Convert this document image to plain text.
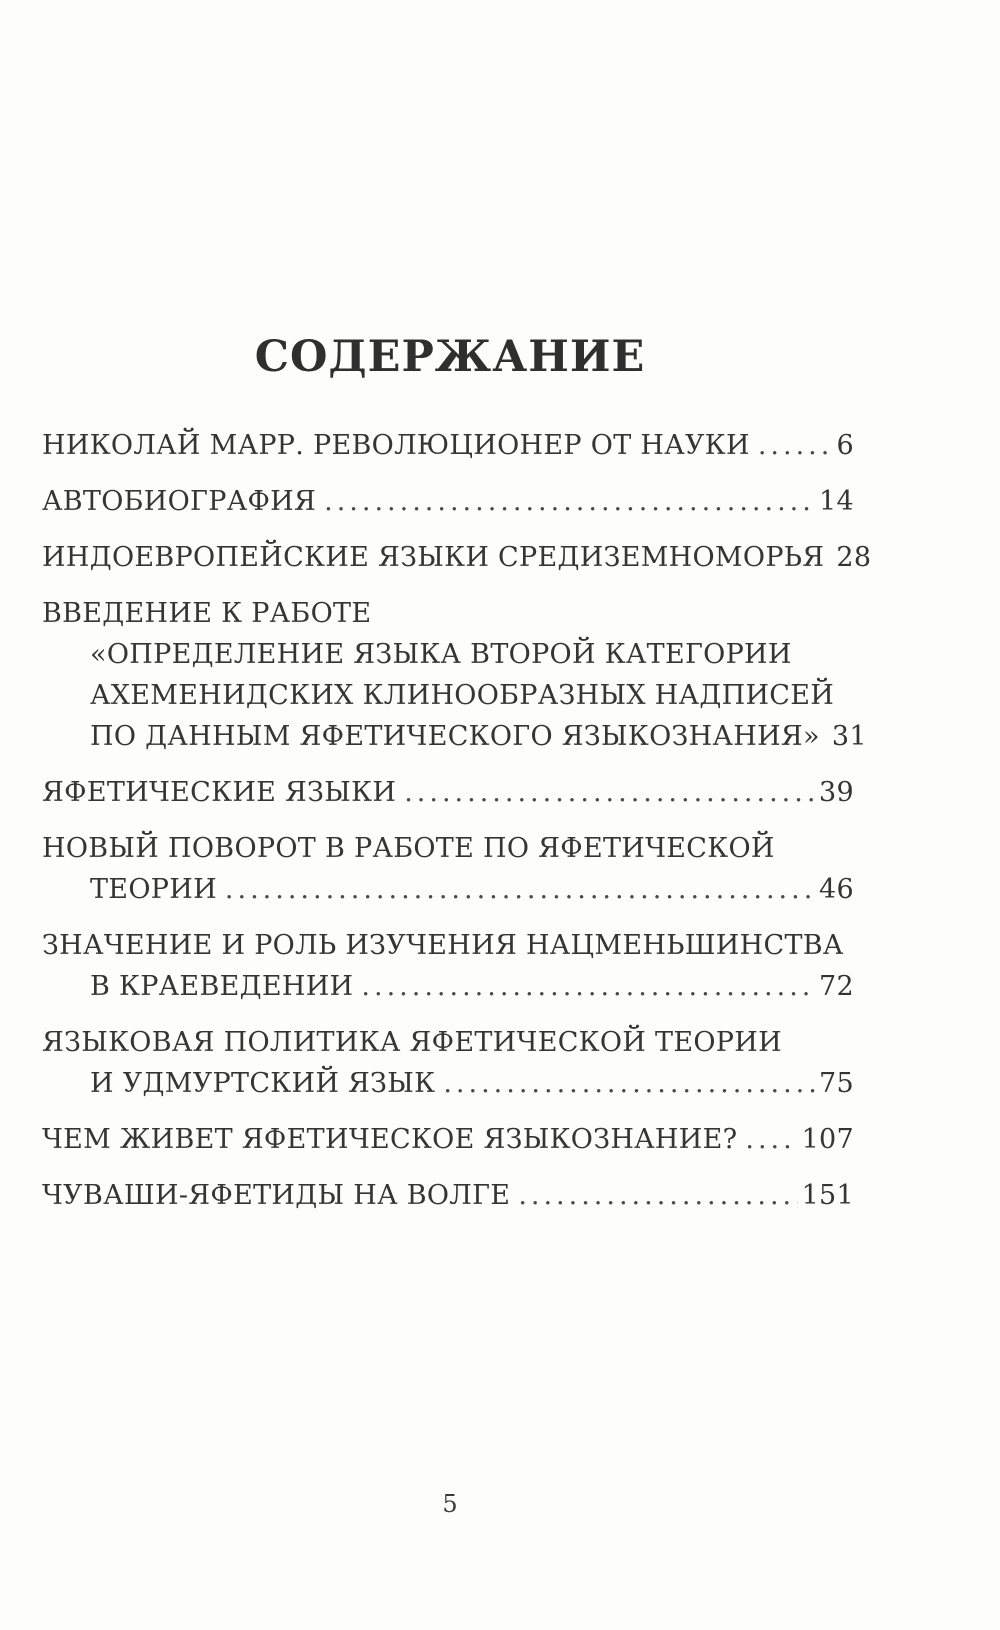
СОДЕРЖАНИЕ
НИКОЛАЙ МАРР. РЕВОЛЮЦИОНЕР ОТ НАУКИ .....	6
АВТОБИОГРАФИЯ .....	14
ИНДОЕВРОПЕЙСКИЕ ЯЗЫКИ СРЕДИЗЕМНОМОРЬЯ 28
ВВЕДЕНИЕ К РАБОТЕ
«ОПРЕДЕЛЕНИЕ ЯЗЫКА ВТОРОЙ КАТЕГОРИИ
АХЕМЕНИДСКИХ КЛИНООБРАЗНЫХ НАДПИСЕЙ
ПО ДАННЫМ ЯФЕТИЧЕСКОГО ЯЗЫКОЗНАНИЯ» 31
ЯФЕТИЧЕСКИЕ ЯЗЫКИ .....	39
НОВЫЙ ПОВОРОТ В РАБОТЕ ПО ЯФЕТИЧЕСКОЙ
ТЕОРИИ .....	46
ЗНАЧЕНИЕ И РОЛЬ ИЗУЧЕНИЯ НАЦМЕНЬШИНСТВА
В КРАЕВЕДЕНИИ .....	72
ЯЗЫКОВАЯ ПОЛИТИКА ЯФЕТИЧЕСКОЙ ТЕОРИИ
И УДМУРТСКИЙ ЯЗЫК .....	75
ЧЕМ ЖИВЕТ ЯФЕТИЧЕСКОЕ ЯЗЫКОЗНАНИЕ? ..... 107
ЧУВАШИ-ЯФЕТИДЫ НА ВОЛГЕ .....	151
5
